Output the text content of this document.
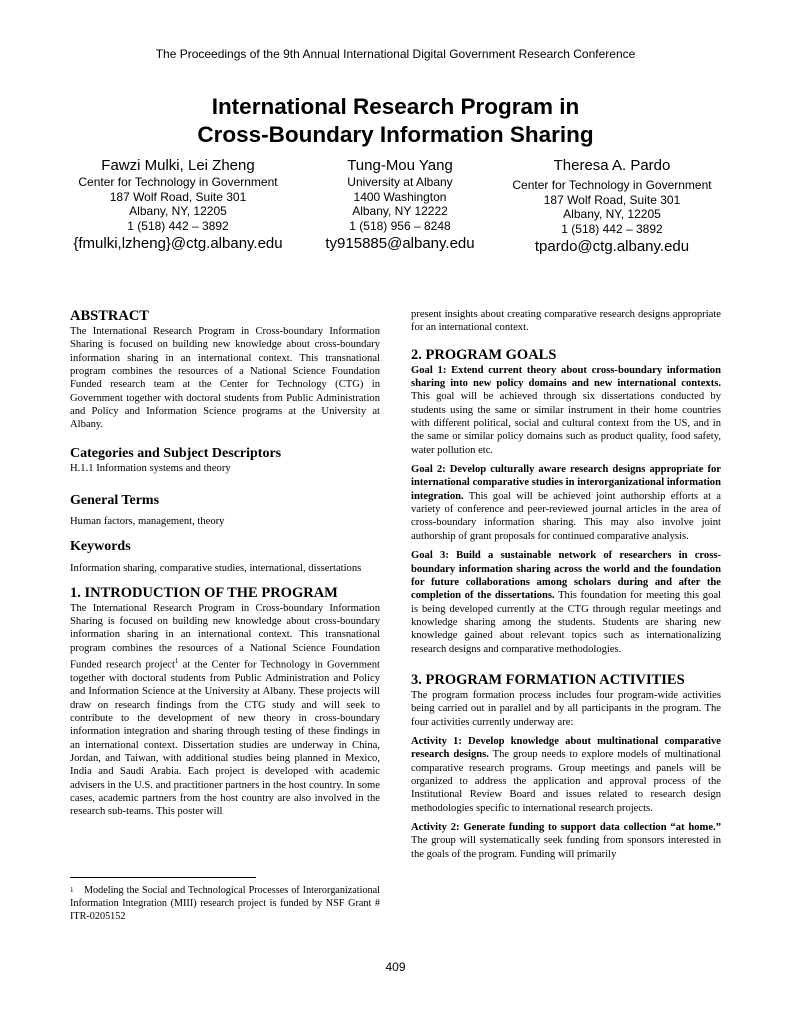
The Proceedings of the 9th Annual International Digital Government Research Conference
International Research Program in
Cross-Boundary Information Sharing
Fawzi Mulki, Lei Zheng
Center for Technology in Government
187 Wolf Road, Suite 301
Albany, NY, 12205
1 (518) 442 – 3892
{fmulki,lzheng}@ctg.albany.edu
Tung-Mou Yang
University at Albany
1400 Washington
Albany, NY 12222
1 (518) 956 – 8248
ty915885@albany.edu
Theresa A. Pardo
Center for Technology in Government
187 Wolf Road, Suite 301
Albany, NY, 12205
1 (518) 442 – 3892
tpardo@ctg.albany.edu
ABSTRACT

The International Research Program in Cross-boundary Information Sharing is focused on building new knowledge about cross-boundary information sharing in an international context. This transnational program combines the resources of a National Science Foundation Funded research team at the Center for Technology (CTG) in Government together with doctoral students from Public Administration and Policy and Information Science programs at the University at Albany.

Categories and Subject Descriptors

H.1.1 Information systems and theory

General Terms

Human factors, management, theory

Keywords

Information sharing, comparative studies, international, dissertations

1. INTRODUCTION OF THE PROGRAM

The International Research Program in Cross-boundary Information Sharing is focused on building new knowledge about cross-boundary information sharing in an international context. This transnational program combines the resources of a National Science Foundation Funded research project$^1$ at the Center for Technology in Government together with doctoral students from Public Administration and Policy and Information Science at the University at Albany. These projects will draw on research findings from the CTG study and will seek to contribute to the development of new theory in cross-boundary information integration and sharing through testing of these findings in an international context. Dissertation studies are underway in China, Jordan, and Taiwan, with additional studies being planned in Mexico, India and Saudi Arabia. Each project is developed with academic advisers in the U.S. and practitioner partners in the host country. In some cases, academic partners from the host country are also involved in the research sub-teams. This poster will

1 Modeling the Social and Technological Processes of Interorganizational Information Integration (MIII) research project is funded by NSF Grant # ITR-0205152

present insights about creating comparative research designs appropriate for an international context.

2. PROGRAM GOALS

Goal 1: Extend current theory about cross-boundary information sharing into new policy domains and new international contexts. This goal will be achieved through six dissertations conducted by students using the same or similar instrument in their home countries with different political, social and cultural context from the US, and in the same or similar policy domains such as product quality, food safety, water pollution etc.

Goal 2: Develop culturally aware research designs appropriate for international comparative studies in interorganizational information integration. This goal will be achieved joint authorship efforts at a variety of conference and peer-reviewed journal articles in the area of cross-boundary information sharing. This may also involve joint authorship of grant proposals for continued comparative analysis.

Goal 3: Build a sustainable network of researchers in cross-boundary information sharing across the world and the foundation for future collaborations among scholars during and after the completion of the dissertations. This foundation for meeting this goal is being developed currently at the CTG through regular meetings and knowledge sharing among the students. Students are sharing new knowledge gained about relevant topics such as internationalizing research designs and comparative methodologies.

3. PROGRAM FORMATION ACTIVITIES

The program formation process includes four program-wide activities being carried out in parallel and by all participants in the program. The four activities currently underway are:

Activity 1: Develop knowledge about multinational comparative research designs. The group needs to explore models of multinational comparative research programs. Group meetings and panels will be organized to address the application and approval process of the Institutional Review Board and issues related to research design methodologies specific to international research projects.

Activity 2: Generate funding to support data collection “at home.” The group will systematically seek funding from sponsors interested in the goals of the program. Funding will primarily

409
